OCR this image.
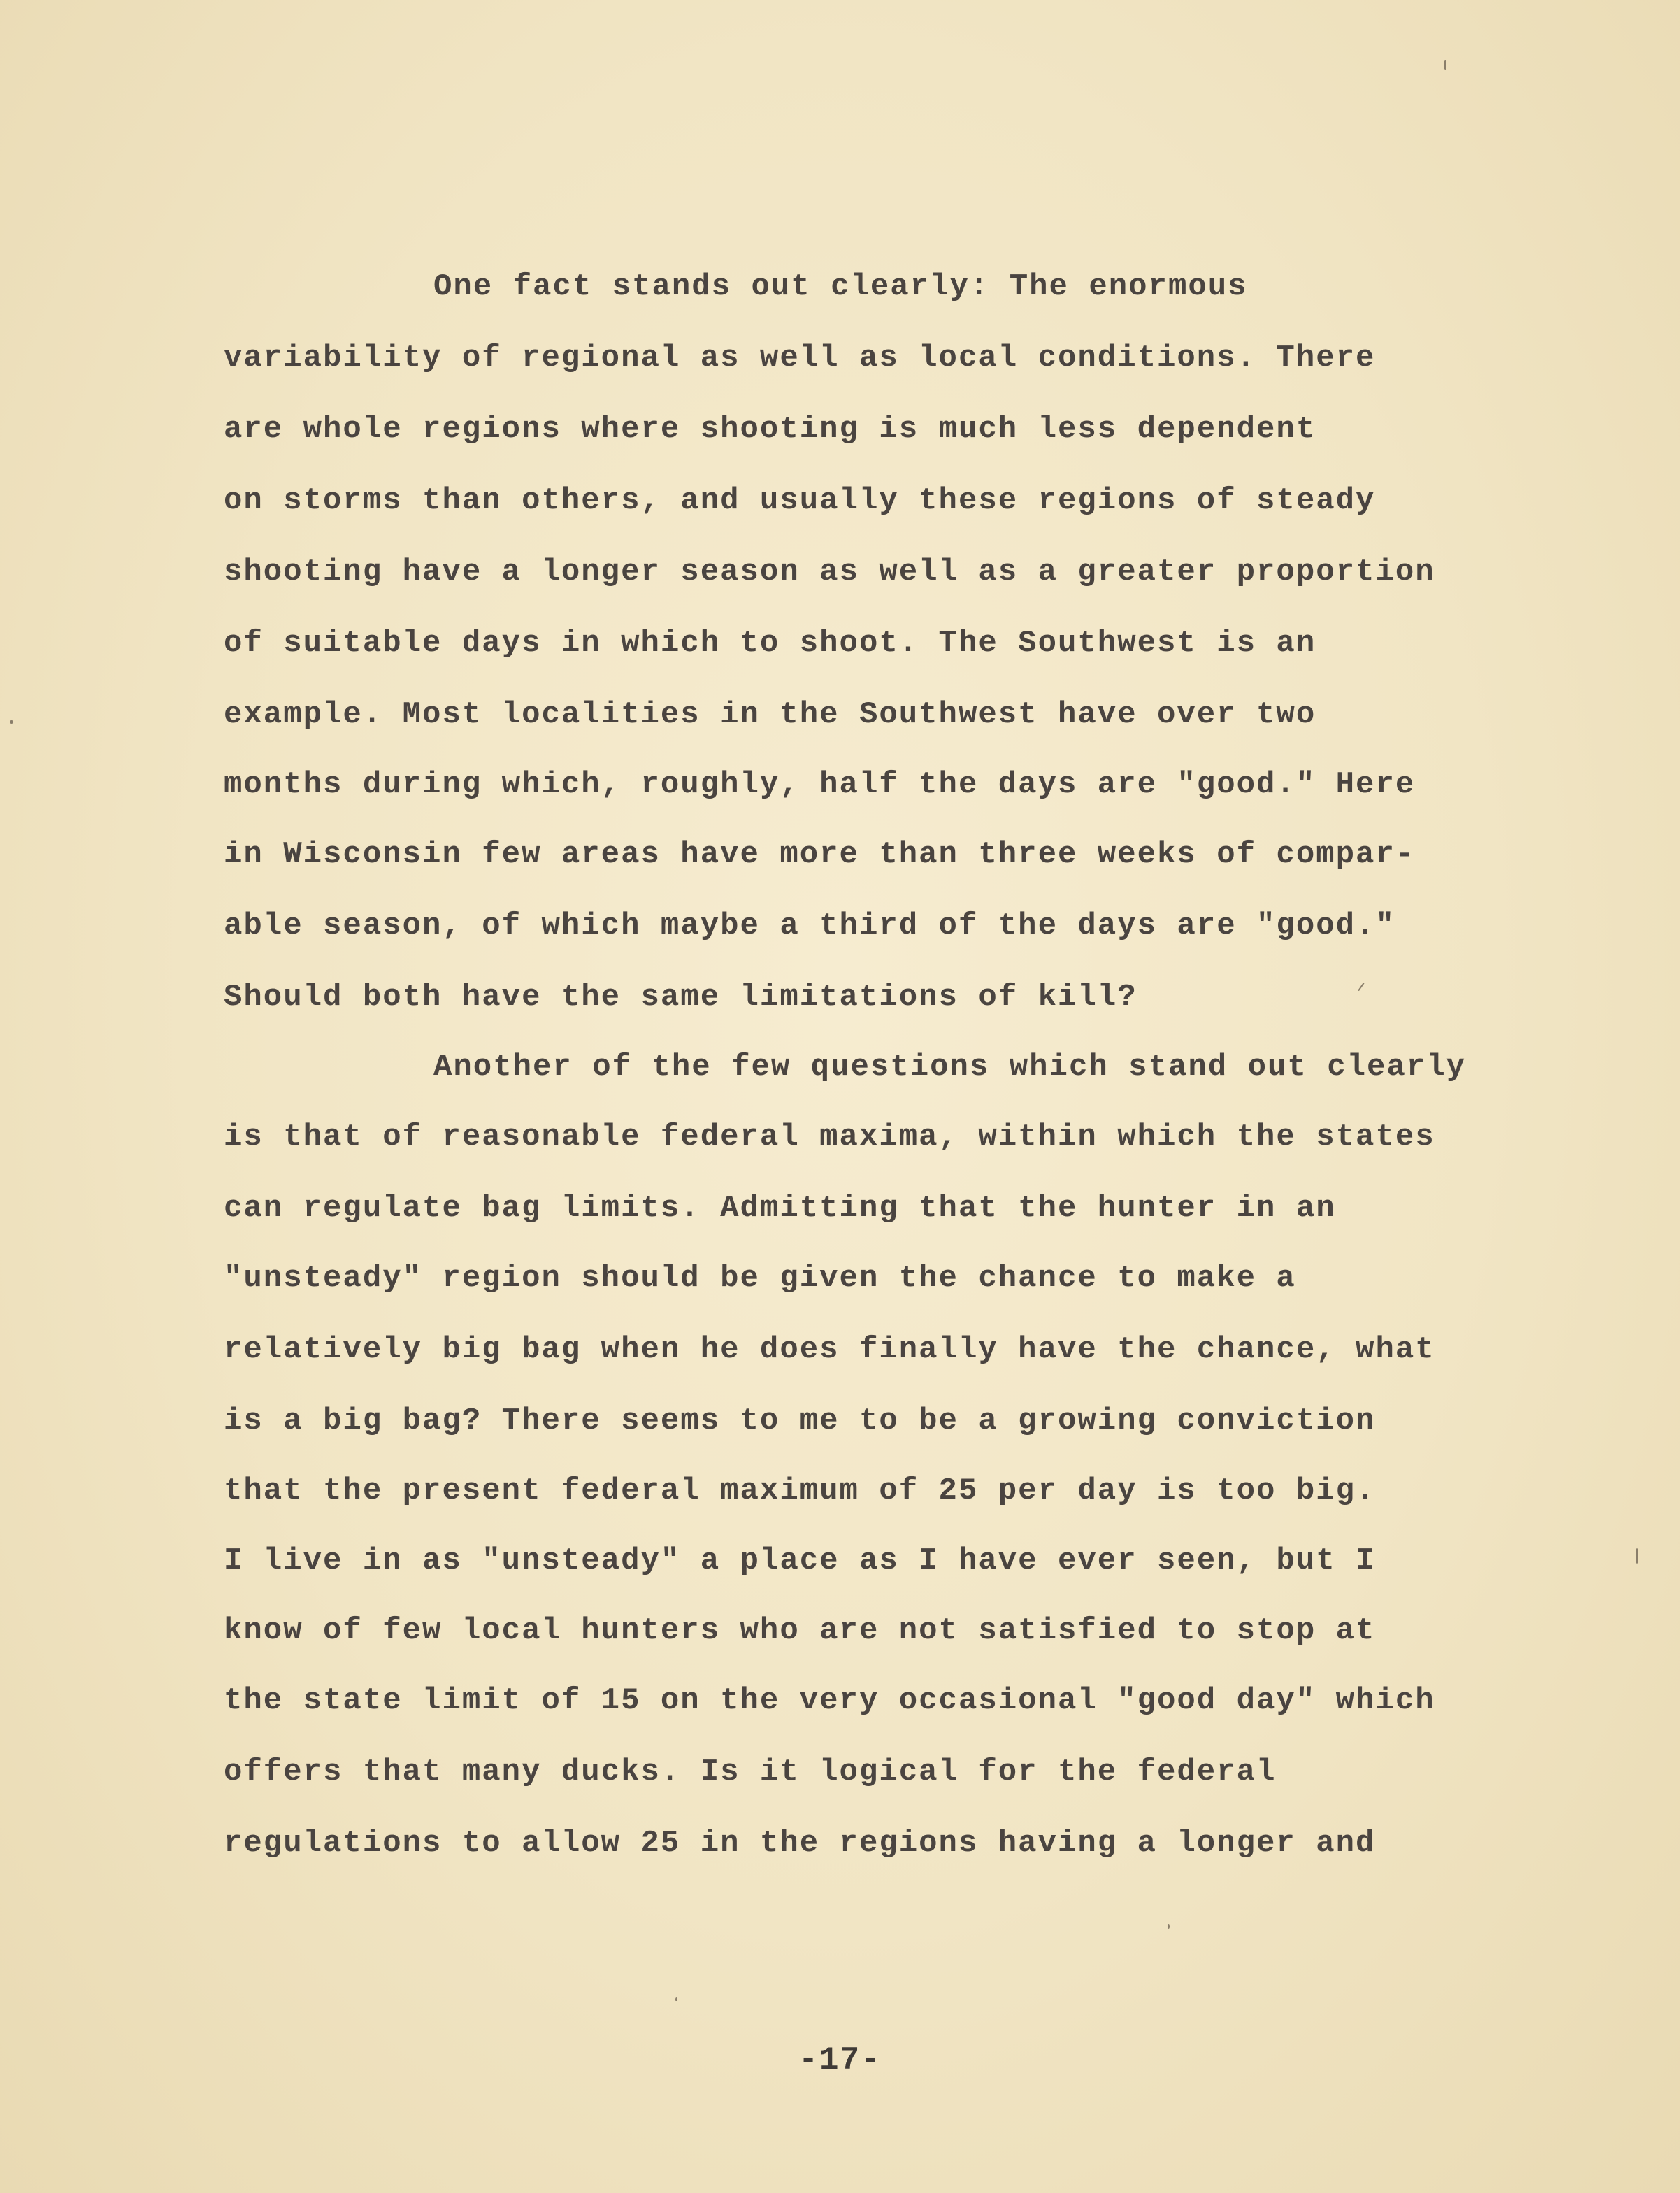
One fact stands out clearly: The enormous

variability of regional as well as local conditions. There

are whole regions where shooting is much less dependent

on storms than others, and usually these regions of steady

shooting have a longer season as well as a greater proportion

of suitable days in which to shoot. The Southwest is an

example. Most localities in the Southwest have over two

months during which, roughly, half the days are "good." Here

in Wisconsin few areas have more than three weeks of compar-

able season, of which maybe a third of the days are "good."

Should both have the same limitations of kill?

Another of the few questions which stand out clearly

is that of reasonable federal maxima, within which the states

can regulate bag limits. Admitting that the hunter in an

"unsteady" region should be given the chance to make a

relatively big bag when he does finally have the chance, what

is a big bag? There seems to me to be a growing conviction

that the present federal maximum of 25 per day is too big.

I live in as "unsteady" a place as I have ever seen, but I

know of few local hunters who are not satisfied to stop at

the state limit of 15 on the very occasional "good day" which

offers that many ducks. Is it logical for the federal

regulations to allow 25 in the regions having a longer and

-17-
